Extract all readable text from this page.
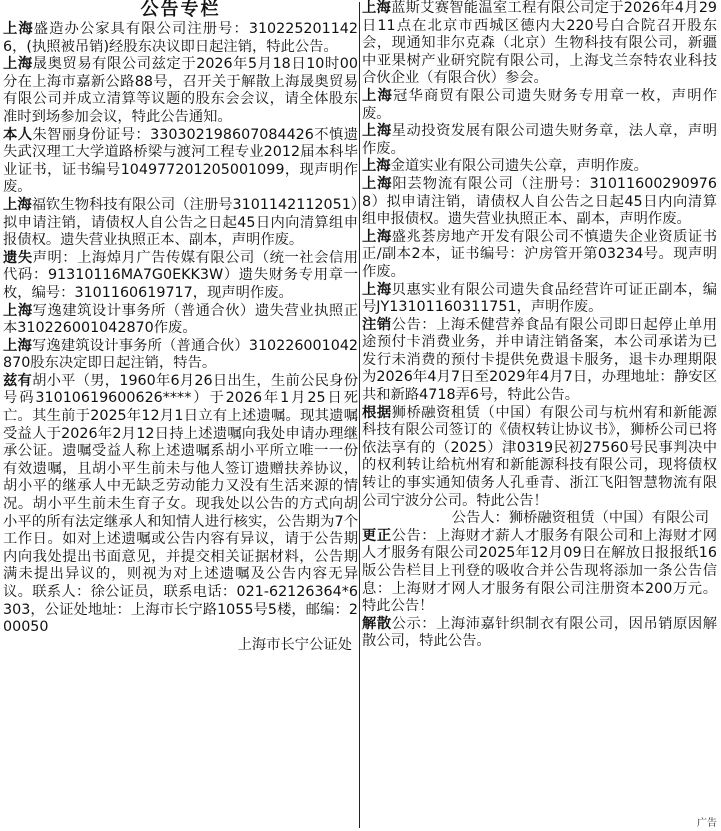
公告专栏

上海盛造办公家具有限公司注册号：3102252011426，(执照被吊销)经股东决议即日起注销，特此公告。

上海晟奥贸易有限公司兹定于2026年5月18日10时00分在上海市嘉新公路88号，召开关于解散上海晟奥贸易有限公司并成立清算等议题的股东会会议，请全体股东准时到场参加会议，特此公告通知。

本人朱智丽身份证号：330302198607084426不慎遗失武汉理工大学道路桥梁与渡河工程专业2012届本科毕业证书，证书编号104977201205001099，现声明作废。

上海福钦生物科技有限公司（注册号3101142112051）拟申请注销，请债权人自公告之日起45日内向清算组申报债权。遗失营业执照正本、副本，声明作废。

遗失声明：上海焯月广告传媒有限公司（统一社会信用代码：91310116MA7G0EKK3W）遗失财务专用章一枚，编号：3101160619717，现声明作废。

上海写逸建筑设计事务所（普通合伙）遗失营业执照正本310226001042870作废。

上海写逸建筑设计事务所（普通合伙）310226001042870股东决定即日起注销，特告。

兹有胡小平（男，1960年6月26日出生，生前公民身份号码31010619600626****）于2026年1月25日死亡。其生前于2025年12月1日立有上述遗嘱。现其遗嘱受益人于2026年2月12日持上述遗嘱向我处申请办理继承公证。遗嘱受益人称上述遗嘱系胡小平所立唯一一份有效遗嘱，且胡小平生前未与他人签订遗赠扶养协议，胡小平的继承人中无缺乏劳动能力又没有生活来源的情况。胡小平生前未生育子女。现我处以公告的方式向胡小平的所有法定继承人和知情人进行核实，公告期为7个工作日。如对上述遗嘱或公告内容有异议，请于公告期内向我处提出书面意见，并提交相关证据材料，公告期满未提出异议的，则视为对上述遗嘱及公告内容无异议。联系人：徐公证员，联系电话：021-62126364*6303，公证处地址：上海市长宁路1055号5楼，邮编：200050

上海市长宁公证处

上海蓝斯艾赛智能温室工程有限公司定于2026年4月29日11点在北京市西城区德内大220号白合院召开股东会，现通知非尔克森（北京）生物科技有限公司，新疆中亚果树产业研究院有限公司，上海戈兰奈特农业科技合伙企业（有限合伙）参会。

上海冠华商贸有限公司遗失财务专用章一枚，声明作废。

上海星动投资发展有限公司遗失财务章，法人章，声明作废。

上海金道实业有限公司遗失公章，声明作废。

上海阳芸物流有限公司（注册号：310116002909768）拟申请注销，请债权人自公告之日起45日内向清算组申报债权。遗失营业执照正本、副本，声明作废。

上海盛兆荟房地产开发有限公司不慎遗失企业资质证书正/副本2本，证书编号：沪房管开第03234号。现声明作废。

上海贝惠实业有限公司遗失食品经营许可证正副本，编号JY13101160311751，声明作废。

注销公告：上海禾健营养食品有限公司即日起停止单用途预付卡消费业务，并申请注销备案，本公司承诺为已发行未消费的预付卡提供免费退卡服务，退卡办理期限为2026年4月7日至2029年4月7日，办理地址：静安区共和新路4718弄6号，特此公告。

根据狮桥融资租赁（中国）有限公司与杭州宥和新能源科技有限公司签订的《债权转让协议书》，狮桥公司已将依法享有的（2025）津0319民初27560号民事判决中的权利转让给杭州宥和新能源科技有限公司，现将债权转让的事实通知债务人孔垂青、浙江飞阳智慧物流有限公司宁波分公司。特此公告！

公告人：狮桥融资租赁（中国）有限公司

更正公告：上海财才薪人才服务有限公司和上海财才网人才服务有限公司2025年12月09日在解放日报报纸16版公告栏目上刊登的吸收合并公告现将添加一条公告信息：上海财才网人才服务有限公司注册资本200万元。特此公告！

解散公示：上海沛嘉针织制衣有限公司，因吊销原因解散公司，特此公告。

广告
